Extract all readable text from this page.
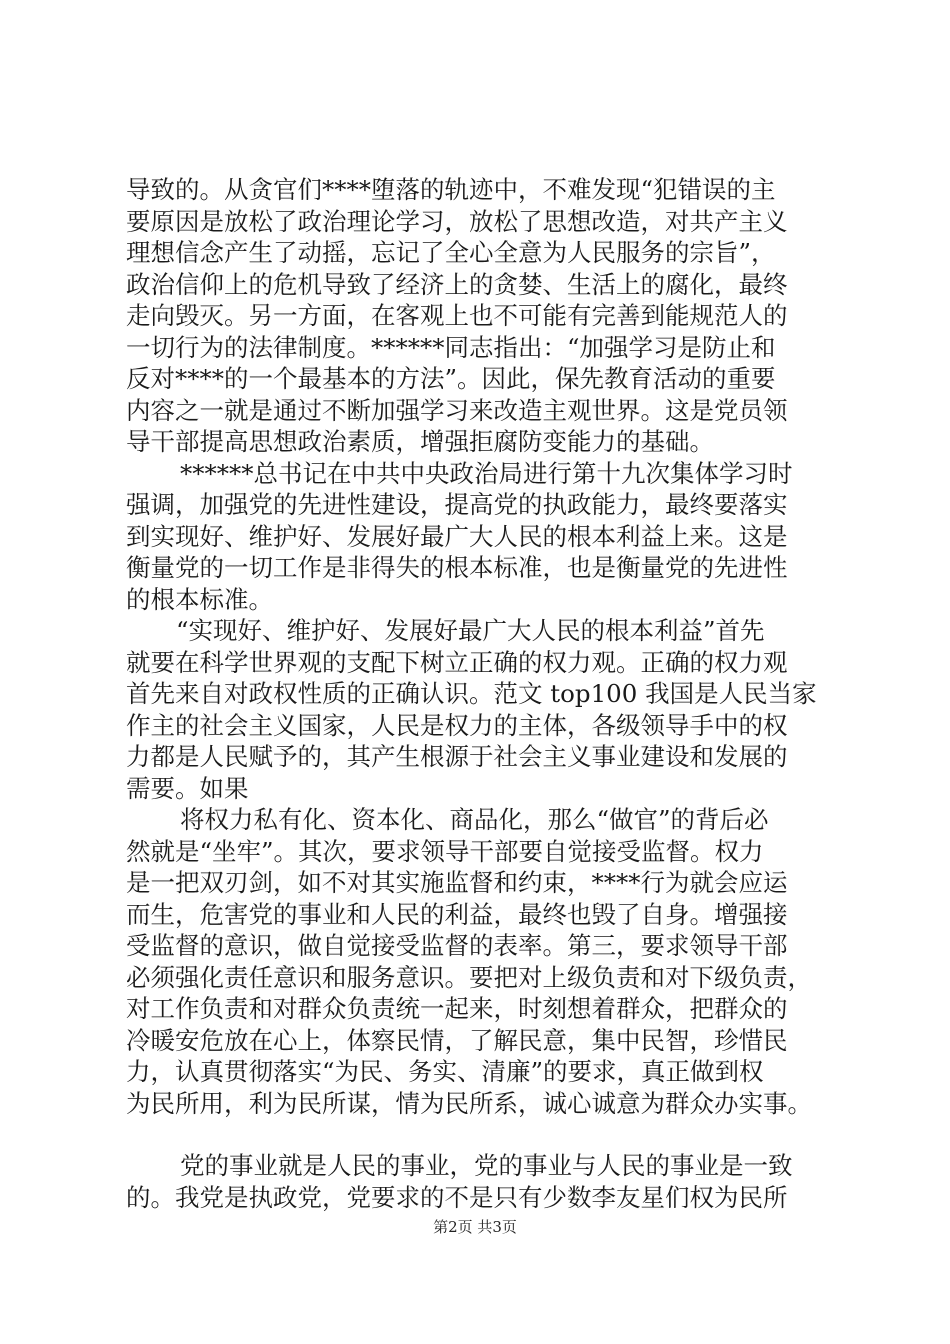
导致的。从贪官们****堕落的轨迹中，不难发现“犯错误的主
要原因是放松了政治理论学习，放松了思想改造，对共产主义
理想信念产生了动摇，忘记了全心全意为人民服务的宗旨”，
政治信仰上的危机导致了经济上的贪婪、生活上的腐化，最终
走向毁灭。另一方面，在客观上也不可能有完善到能规范人的
一切行为的法律制度。******同志指出：“加强学习是防止和
反对****的一个最基本的方法”。因此，保先教育活动的重要
内容之一就是通过不断加强学习来改造主观世界。这是党员领
导干部提高思想政治素质，增强拒腐防变能力的基础。
******总书记在中共中央政治局进行第十九次集体学习时
强调，加强党的先进性建设，提高党的执政能力，最终要落实
到实现好、维护好、发展好最广大人民的根本利益上来。这是
衡量党的一切工作是非得失的根本标准，也是衡量党的先进性
的根本标准。
“实现好、维护好、发展好最广大人民的根本利益”首先
就要在科学世界观的支配下树立正确的权力观。正确的权力观
首先来自对政权性质的正确认识。范文 top100 我国是人民当家
作主的社会主义国家，人民是权力的主体，各级领导手中的权
力都是人民赋予的，其产生根源于社会主义事业建设和发展的
需要。如果
将权力私有化、资本化、商品化，那么“做官”的背后必
然就是“坐牢”。其次，要求领导干部要自觉接受监督。权力
是一把双刃剑，如不对其实施监督和约束，****行为就会应运
而生，危害党的事业和人民的利益，最终也毁了自身。增强接
受监督的意识，做自觉接受监督的表率。第三，要求领导干部
必须强化责任意识和服务意识。要把对上级负责和对下级负责，
对工作负责和对群众负责统一起来，时刻想着群众，把群众的
冷暖安危放在心上，体察民情，了解民意，集中民智，珍惜民
力，认真贯彻落实“为民、务实、清廉”的要求，真正做到权
为民所用，利为民所谋，情为民所系，诚心诚意为群众办实事。
党的事业就是人民的事业，党的事业与人民的事业是一致
的。我党是执政党，党要求的不是只有少数李友星们权为民所
第2页 共3页
